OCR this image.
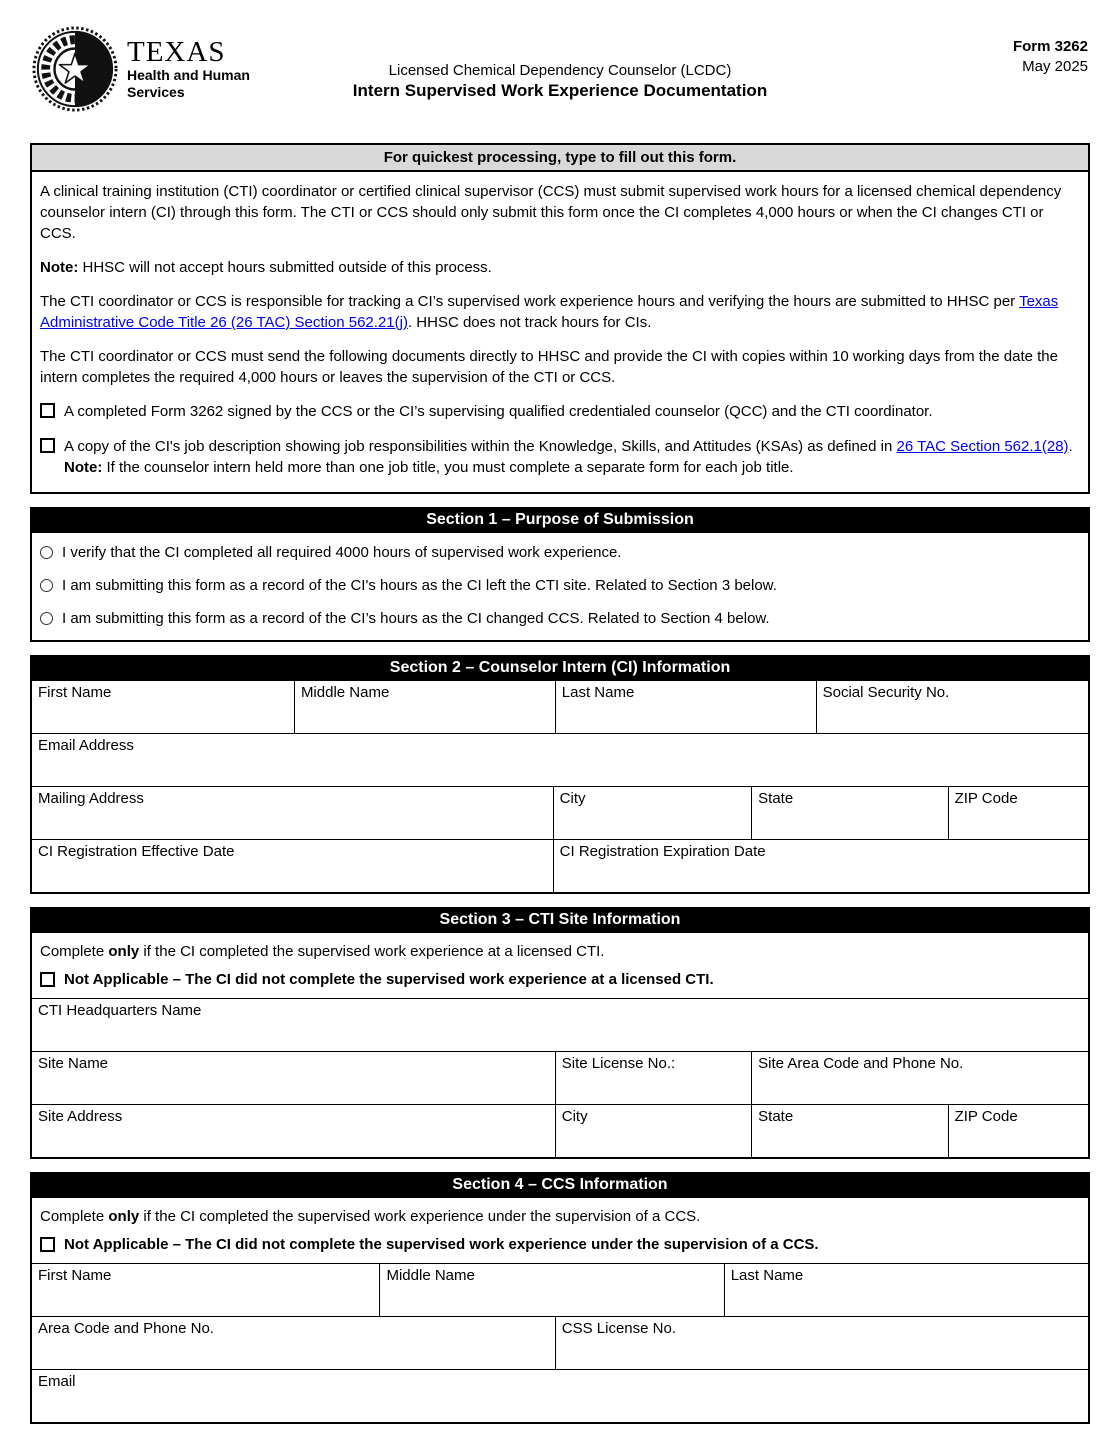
TEXAS
Health and Human
Services
Licensed Chemical Dependency Counselor (LCDC)
Intern Supervised Work Experience Documentation
Form 3262
May 2025
For quickest processing, type to fill out this form.

A clinical training institution (CTI) coordinator or certified clinical supervisor (CCS) must submit supervised work hours for a licensed chemical dependency counselor intern (CI) through this form. The CTI or CCS should only submit this form once the CI completes 4,000 hours or when the CI changes CTI or CCS.

Note: HHSC will not accept hours submitted outside of this process.

The CTI coordinator or CCS is responsible for tracking a CI’s supervised work experience hours and verifying the hours are submitted to HHSC per Texas Administrative Code Title 26 (26 TAC) Section 562.21(j). HHSC does not track hours for CIs.

The CTI coordinator or CCS must send the following documents directly to HHSC and provide the CI with copies within 10 working days from the date the intern completes the required 4,000 hours or leaves the supervision of the CTI or CCS.

A completed Form 3262 signed by the CCS or the CI’s supervising qualified credentialed counselor (QCC) and the CTI coordinator.
A copy of the CI's job description showing job responsibilities within the Knowledge, Skills, and Attitudes (KSAs) as defined in 26 TAC Section 562.1(28). Note: If the counselor intern held more than one job title, you must complete a separate form for each job title.
Section 1 – Purpose of Submission
I verify that the CI completed all required 4000 hours of supervised work experience.
I am submitting this form as a record of the CI's hours as the CI left the CTI site. Related to Section 3 below.
I am submitting this form as a record of the CI’s hours as the CI changed CCS. Related to Section 4 below.
Section 2 – Counselor Intern (CI) Information
First Name	Middle Name	Last Name	Social Security No.
Email Address
Mailing Address	City	State	ZIP Code
CI Registration Effective Date	CI Registration Expiration Date
Section 3 – CTI Site Information
Complete only if the CI completed the supervised work experience at a licensed CTI.
Not Applicable – The CI did not complete the supervised work experience at a licensed CTI.
CTI Headquarters Name
Site Name	Site License No.:	Site Area Code and Phone No.
Site Address	City	State	ZIP Code
Section 4 – CCS Information
Complete only if the CI completed the supervised work experience under the supervision of a CCS.
Not Applicable – The CI did not complete the supervised work experience under the supervision of a CCS.
First Name	Middle Name	Last Name
Area Code and Phone No.	CSS License No.
Email
